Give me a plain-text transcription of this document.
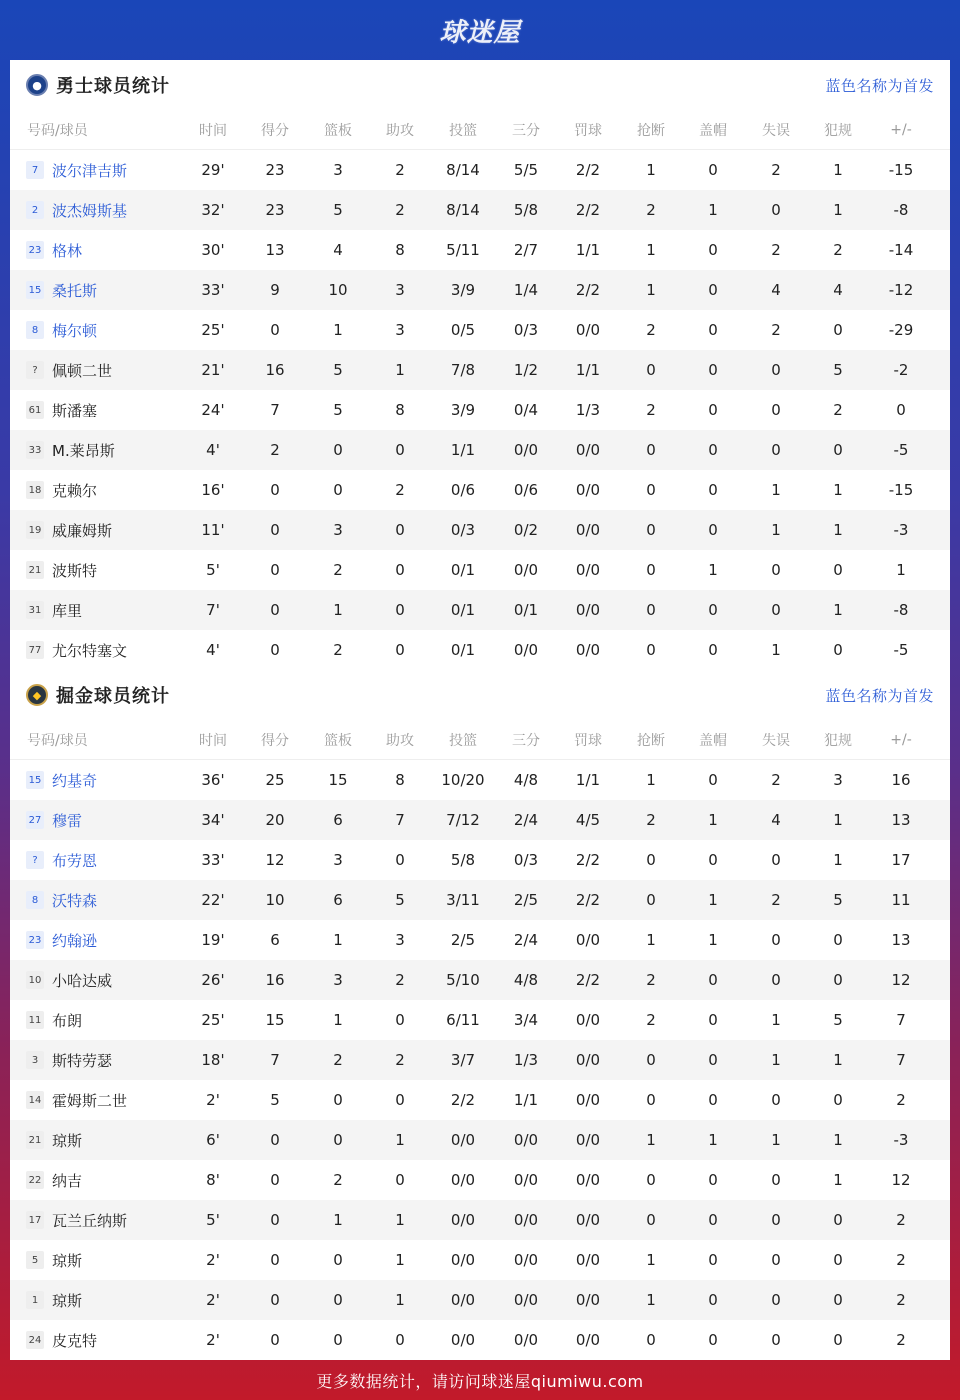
球迷屋
● 勇士球员统计	蓝色名称为首发
号码/球员	时间	得分	篮板	助攻	投篮	三分	罚球	抢断	盖帽	失误	犯规	+/-
7 波尔津吉斯	29'	23	3	2	8/14	5/5	2/2	1	0	2	1	-15
2 波杰姆斯基	32'	23	5	2	8/14	5/8	2/2	2	1	0	1	-8
23 格林	30'	13	4	8	5/11	2/7	1/1	1	0	2	2	-14
15 桑托斯	33'	9	10	3	3/9	1/4	2/2	1	0	4	4	-12
8 梅尔顿	25'	0	1	3	0/5	0/3	0/0	2	0	2	0	-29
? 佩顿二世	21'	16	5	1	7/8	1/2	1/1	0	0	0	5	-2
61 斯潘塞	24'	7	5	8	3/9	0/4	1/3	2	0	0	2	0
33 M.莱昂斯	4'	2	0	0	1/1	0/0	0/0	0	0	0	0	-5
18 克赖尔	16'	0	0	2	0/6	0/6	0/0	0	0	1	1	-15
19 威廉姆斯	11'	0	3	0	0/3	0/2	0/0	0	0	1	1	-3
21 波斯特	5'	0	2	0	0/1	0/0	0/0	0	1	0	0	1
31 库里	7'	0	1	0	0/1	0/1	0/0	0	0	0	1	-8
77 尤尔特塞文	4'	0	2	0	0/1	0/0	0/0	0	0	1	0	-5
◆ 掘金球员统计	蓝色名称为首发
号码/球员	时间	得分	篮板	助攻	投篮	三分	罚球	抢断	盖帽	失误	犯规	+/-
15 约基奇	36'	25	15	8	10/20	4/8	1/1	1	0	2	3	16
27 穆雷	34'	20	6	7	7/12	2/4	4/5	2	1	4	1	13
? 布劳恩	33'	12	3	0	5/8	0/3	2/2	0	0	0	1	17
8 沃特森	22'	10	6	5	3/11	2/5	2/2	0	1	2	5	11
23 约翰逊	19'	6	1	3	2/5	2/4	0/0	1	1	0	0	13
10 小哈达威	26'	16	3	2	5/10	4/8	2/2	2	0	0	0	12
11 布朗	25'	15	1	0	6/11	3/4	0/0	2	0	1	5	7
3 斯特劳瑟	18'	7	2	2	3/7	1/3	0/0	0	0	1	1	7
14 霍姆斯二世	2'	5	0	0	2/2	1/1	0/0	0	0	0	0	2
21 琼斯	6'	0	0	1	0/0	0/0	0/0	1	1	1	1	-3
22 纳吉	8'	0	2	0	0/0	0/0	0/0	0	0	0	1	12
17 瓦兰丘纳斯	5'	0	1	1	0/0	0/0	0/0	0	0	0	0	2
5 琼斯	2'	0	0	1	0/0	0/0	0/0	1	0	0	0	2
1 琼斯	2'	0	0	1	0/0	0/0	0/0	1	0	0	0	2
24 皮克特	2'	0	0	0	0/0	0/0	0/0	0	0	0	0	2
更多数据统计，请访问球迷屋qiumiwu.com
